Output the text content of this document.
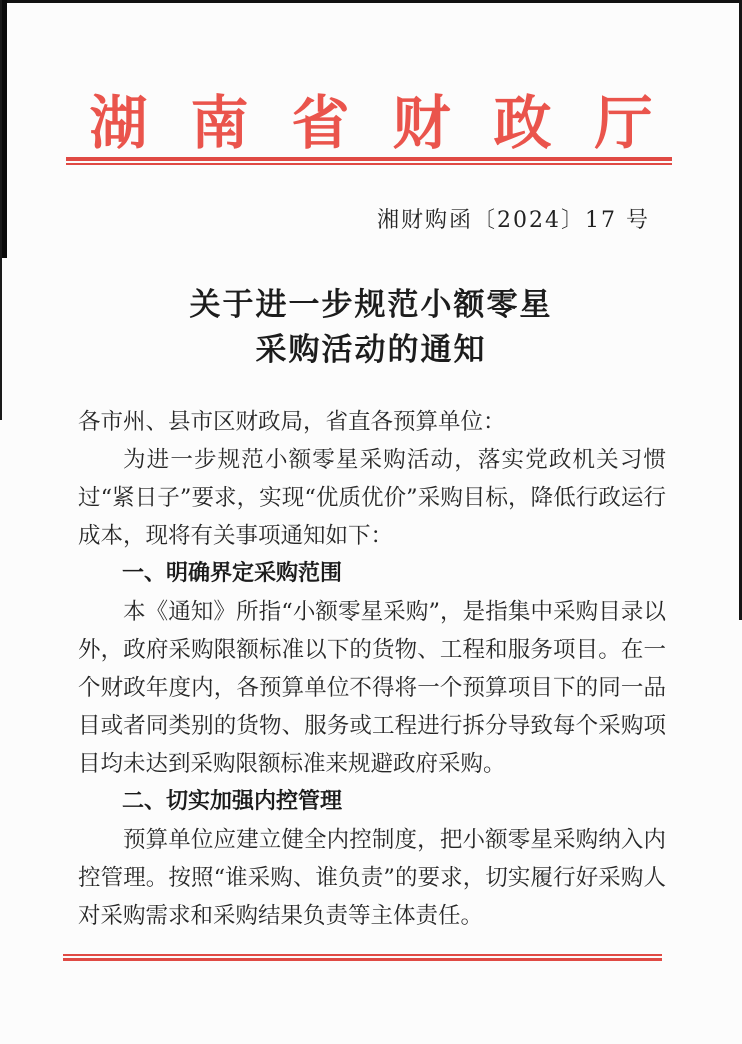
湖南省财政厅
湘财购函〔2024〕17 号
关于进一步规范小额零星
采购活动的通知

各市州、县市区财政局，省直各预算单位：

为进一步规范小额零星采购活动，落实党政机关习惯过“紧日子”要求，实现“优质优价”采购目标，降低行政运行成本，现将有关事项通知如下：

一、明确界定采购范围

本《通知》所指“小额零星采购”，是指集中采购目录以外，政府采购限额标准以下的货物、工程和服务项目。在一个财政年度内，各预算单位不得将一个预算项目下的同一品目或者同类别的货物、服务或工程进行拆分导致每个采购项目均未达到采购限额标准来规避政府采购。

二、切实加强内控管理

预算单位应建立健全内控制度，把小额零星采购纳入内控管理。按照“谁采购、谁负责”的要求，切实履行好采购人对采购需求和采购结果负责等主体责任。
